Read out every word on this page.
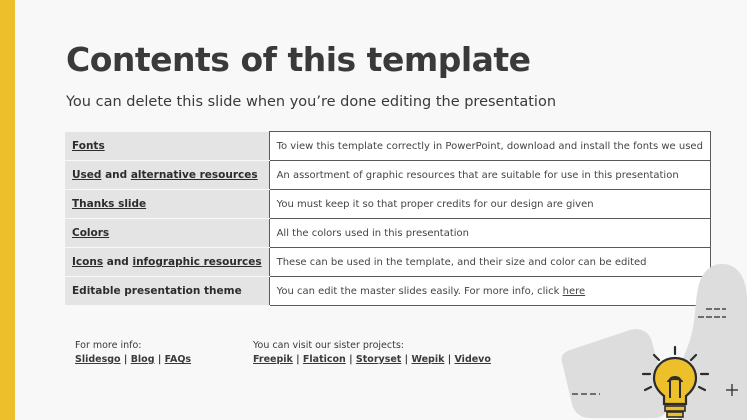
Contents of this template

You can delete this slide when you’re done editing the presentation

Fonts	To view this template correctly in PowerPoint, download and install the fonts we used
Used and alternative resources	An assortment of graphic resources that are suitable for use in this presentation
Thanks slide	You must keep it so that proper credits for our design are given
Colors	All the colors used in this presentation
Icons and infographic resources	These can be used in the template, and their size and color can be edited
Editable presentation theme	You can edit the master slides easily. For more info, click here
For more info:
Slidesgo | Blog | FAQs
You can visit our sister projects:
Freepik | Flaticon | Storyset | Wepik | Videvo
